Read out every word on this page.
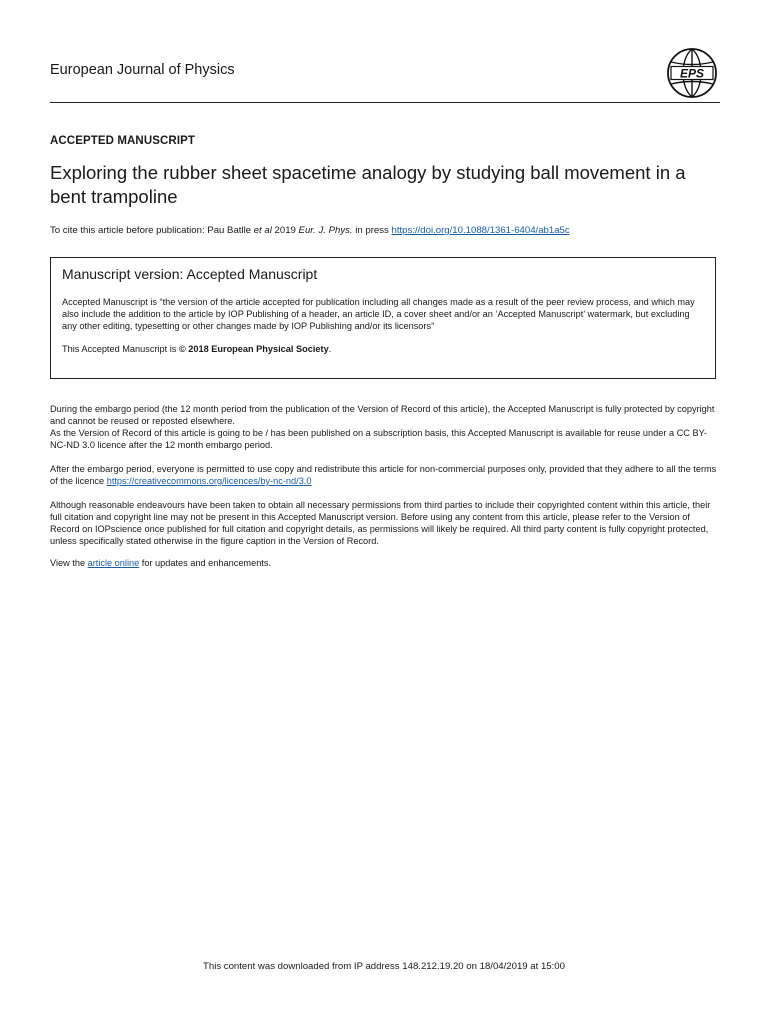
European Journal of Physics	EPS
ACCEPTED MANUSCRIPT
Exploring the rubber sheet spacetime analogy by studying ball movement in a bent trampoline
To cite this article before publication: Pau Batlle et al 2019 Eur. J. Phys. in press https://doi.org/10.1088/1361-6404/ab1a5c
Manuscript version: Accepted Manuscript

Accepted Manuscript is “the version of the article accepted for publication including all changes made as a result of the peer review process, and which may also include the addition to the article by IOP Publishing of a header, an article ID, a cover sheet and/or an ‘Accepted Manuscript’ watermark, but excluding any other editing, typesetting or other changes made by IOP Publishing and/or its licensors”

This Accepted Manuscript is © 2018 European Physical Society.
During the embargo period (the 12 month period from the publication of the Version of Record of this article), the Accepted Manuscript is fully protected by copyright and cannot be reused or reposted elsewhere.
As the Version of Record of this article is going to be / has been published on a subscription basis, this Accepted Manuscript is available for reuse under a CC BY-NC-ND 3.0 licence after the 12 month embargo period.
After the embargo period, everyone is permitted to use copy and redistribute this article for non-commercial purposes only, provided that they adhere to all the terms of the licence https://creativecommons.org/licences/by-nc-nd/3.0
Although reasonable endeavours have been taken to obtain all necessary permissions from third parties to include their copyrighted content within this article, their full citation and copyright line may not be present in this Accepted Manuscript version. Before using any content from this article, please refer to the Version of Record on IOPscience once published for full citation and copyright details, as permissions will likely be required. All third party content is fully copyright protected, unless specifically stated otherwise in the figure caption in the Version of Record.
View the article online for updates and enhancements.
This content was downloaded from IP address 148.212.19.20 on 18/04/2019 at 15:00
